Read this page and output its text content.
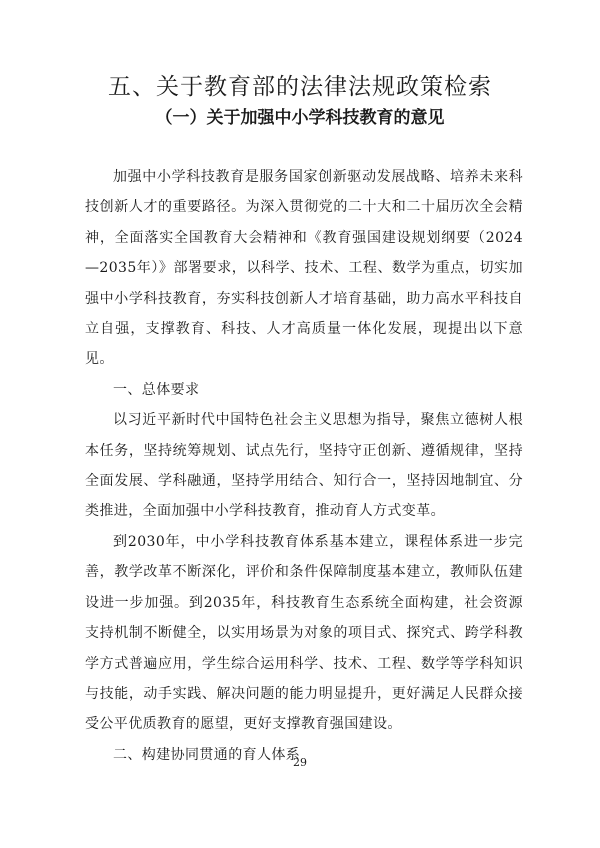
五、关于教育部的法律法规政策检索
（一）关于加强中小学科技教育的意见

加强中小学科技教育是服务国家创新驱动发展战略、培养未来科技创新人才的重要路径。为深入贯彻党的二十大和二十届历次全会精神，全面落实全国教育大会精神和《教育强国建设规划纲要（2024—2035年）》部署要求，以科学、技术、工程、数学为重点，切实加强中小学科技教育，夯实科技创新人才培育基础，助力高水平科技自立自强，支撑教育、科技、人才高质量一体化发展，现提出以下意见。

一、总体要求

以习近平新时代中国特色社会主义思想为指导，聚焦立德树人根本任务，坚持统筹规划、试点先行，坚持守正创新、遵循规律，坚持全面发展、学科融通，坚持学用结合、知行合一，坚持因地制宜、分类推进，全面加强中小学科技教育，推动育人方式变革。

到2030年，中小学科技教育体系基本建立，课程体系进一步完善，教学改革不断深化，评价和条件保障制度基本建立，教师队伍建设进一步加强。到2035年，科技教育生态系统全面构建，社会资源支持机制不断健全，以实用场景为对象的项目式、探究式、跨学科教学方式普遍应用，学生综合运用科学、技术、工程、数学等学科知识与技能，动手实践、解决问题的能力明显提升，更好满足人民群众接受公平优质教育的愿望，更好支撑教育强国建设。

二、构建协同贯通的育人体系

29
